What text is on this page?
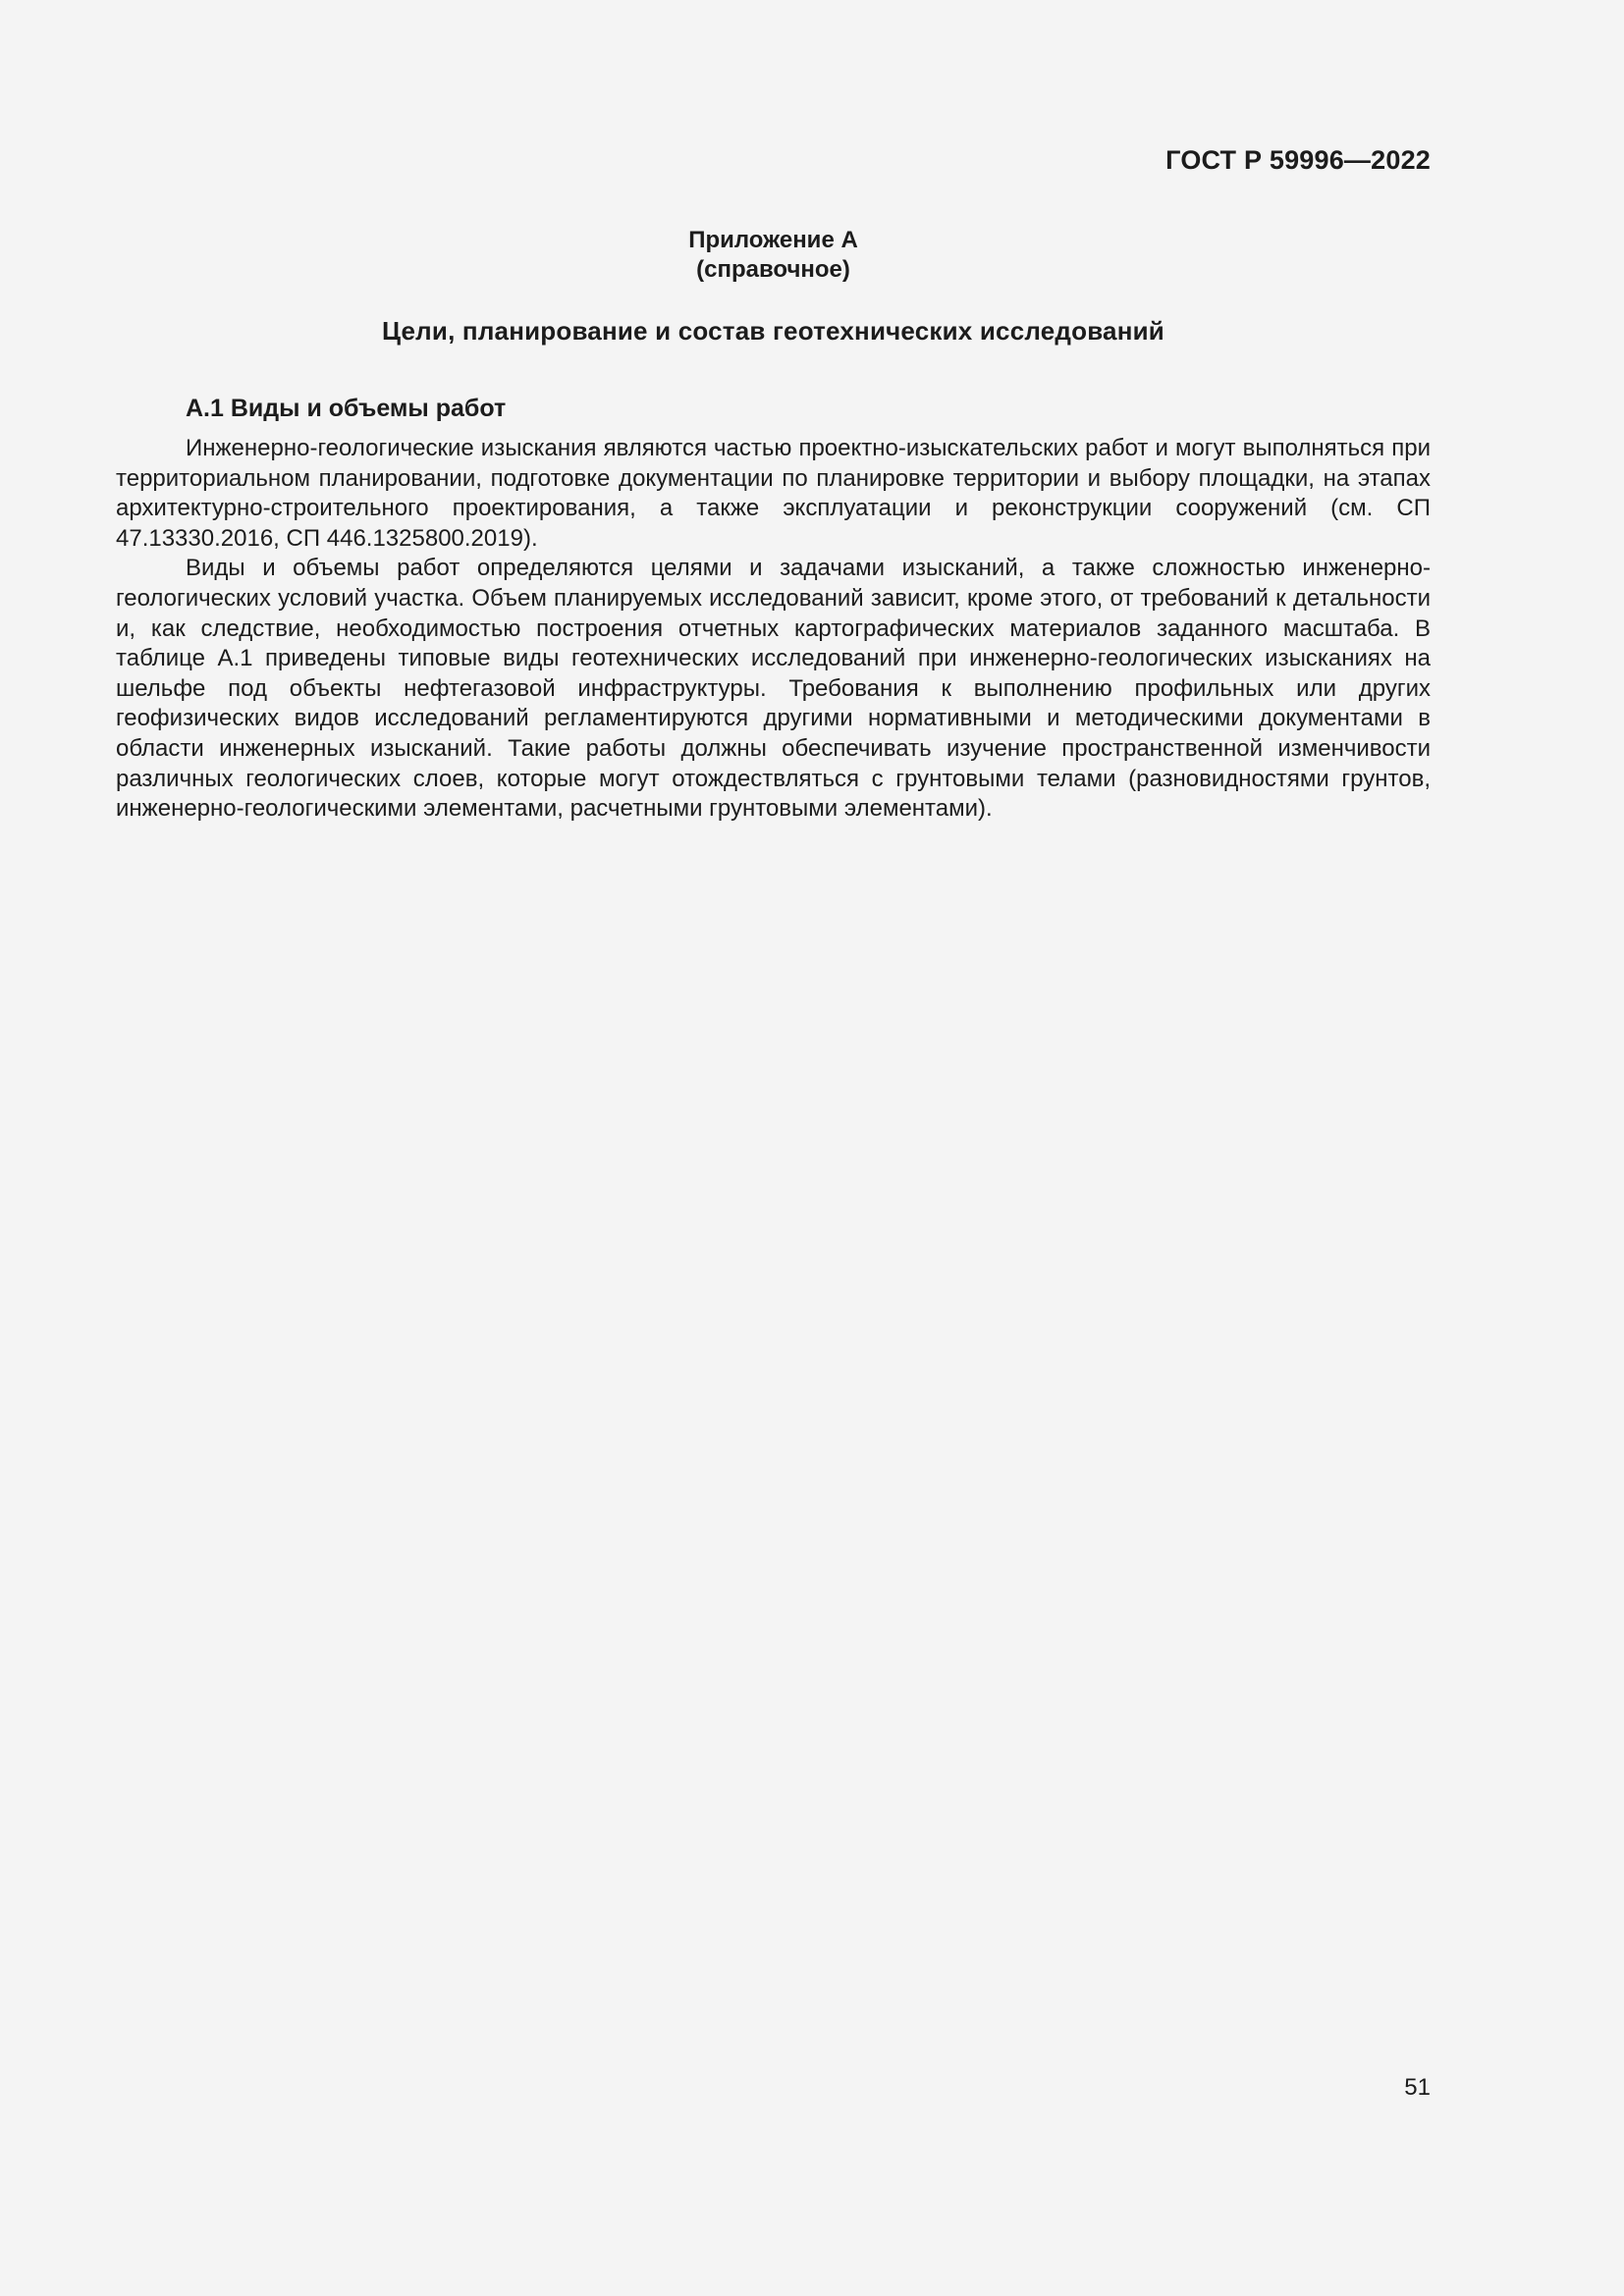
ГОСТ Р 59996—2022

Приложение А
(справочное)
Цели, планирование и состав геотехнических исследований
А.1 Виды и объемы работ

Инженерно-геологические изыскания являются частью проектно-изыскательских работ и могут выполняться при территориальном планировании, подготовке документации по планировке территории и выбору площадки, на этапах архитектурно-строительного проектирования, а также эксплуатации и реконструкции сооружений (см. СП 47.13330.2016, СП 446.1325800.2019).

Виды и объемы работ определяются целями и задачами изысканий, а также сложностью инженерно-геологических условий участка. Объем планируемых исследований зависит, кроме этого, от требований к детальности и, как следствие, необходимостью построения отчетных картографических материалов заданного масштаба. В таблице А.1 приведены типовые виды геотехнических исследований при инженерно-геологических изысканиях на шельфе под объекты нефтегазовой инфраструктуры. Требования к выполнению профильных или других геофизических видов исследований регламентируются другими нормативными и методическими документами в области инженерных изысканий. Такие работы должны обеспечивать изучение пространственной изменчивости различных геологических слоев, которые могут отождествляться с грунтовыми телами (разновидностями грунтов, инженерно-геологическими элементами, расчетными грунтовыми элементами).

51
